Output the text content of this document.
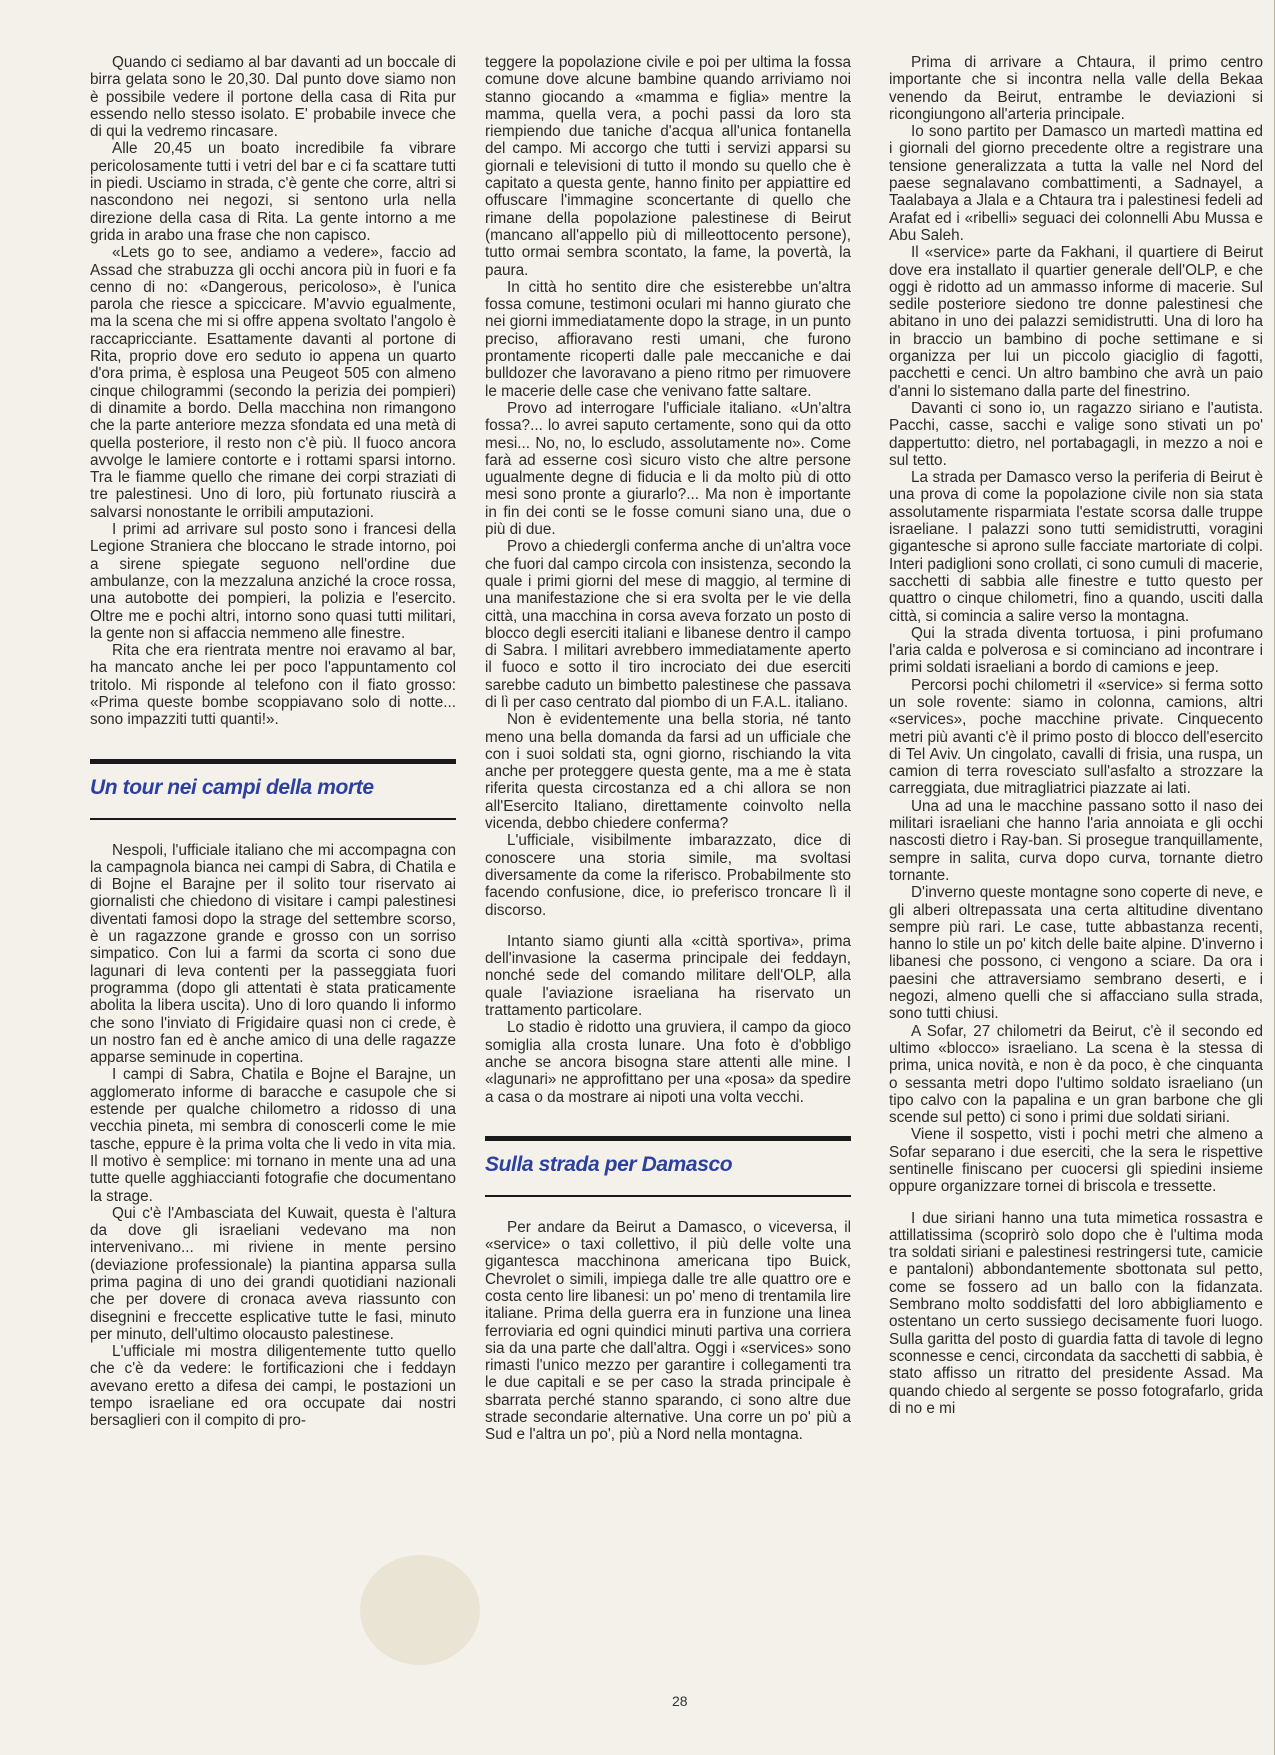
Quando ci sediamo al bar davanti ad un boccale di birra gelata sono le 20,30. Dal punto dove siamo non è possibile vedere il portone della casa di Rita pur essendo nello stesso isolato. E' probabile invece che di qui la vedremo rincasare.

Alle 20,45 un boato incredibile fa vibrare pericolosamente tutti i vetri del bar e ci fa scattare tutti in piedi. Usciamo in strada, c'è gente che corre, altri si nascondono nei negozi, si sentono urla nella direzione della casa di Rita. La gente intorno a me grida in arabo una frase che non capisco.

«Lets go to see, andiamo a vedere», faccio ad Assad che strabuzza gli occhi ancora più in fuori e fa cenno di no: «Dangerous, pericoloso», è l'unica parola che riesce a spiccicare. M'avvio egualmente, ma la scena che mi si offre appena svoltato l'angolo è raccapricciante. Esattamente davanti al portone di Rita, proprio dove ero seduto io appena un quarto d'ora prima, è esplosa una Peugeot 505 con almeno cinque chilogrammi (secondo la perizia dei pompieri) di dinamite a bordo. Della macchina non rimangono che la parte anteriore mezza sfondata ed una metà di quella posteriore, il resto non c'è più. Il fuoco ancora avvolge le lamiere contorte e i rottami sparsi intorno. Tra le fiamme quello che rimane dei corpi straziati di tre palestinesi. Uno di loro, più fortunato riuscirà a salvarsi nonostante le orribili amputazioni.

I primi ad arrivare sul posto sono i francesi della Legione Straniera che bloccano le strade intorno, poi a sirene spiegate seguono nell'ordine due ambulanze, con la mezzaluna anziché la croce rossa, una autobotte dei pompieri, la polizia e l'esercito. Oltre me e pochi altri, intorno sono quasi tutti militari, la gente non si affaccia nemmeno alle finestre.

Rita che era rientrata mentre noi eravamo al bar, ha mancato anche lei per poco l'appuntamento col tritolo. Mi risponde al telefono con il fiato grosso: «Prima queste bombe scoppiavano solo di notte... sono impazziti tutti quanti!».

Un tour nei campi della morte

Nespoli, l'ufficiale italiano che mi accompagna con la campagnola bianca nei campi di Sabra, di Chatila e di Bojne el Barajne per il solito tour riservato ai giornalisti che chiedono di visitare i campi palestinesi diventati famosi dopo la strage del settembre scorso, è un ragazzone grande e grosso con un sorriso simpatico. Con lui a farmi da scorta ci sono due lagunari di leva contenti per la passeggiata fuori programma (dopo gli attentati è stata praticamente abolita la libera uscita). Uno di loro quando li informo che sono l'inviato di Frigidaire quasi non ci crede, è un nostro fan ed è anche amico di una delle ragazze apparse seminude in copertina.

I campi di Sabra, Chatila e Bojne el Barajne, un agglomerato informe di baracche e casupole che si estende per qualche chilometro a ridosso di una vecchia pineta, mi sembra di conoscerli come le mie tasche, eppure è la prima volta che li vedo in vita mia. Il motivo è semplice: mi tornano in mente una ad una tutte quelle agghiaccianti fotografie che documentano la strage.

Qui c'è l'Ambasciata del Kuwait, questa è l'altura da dove gli israeliani vedevano ma non intervenivano... mi riviene in mente persino (deviazione professionale) la piantina apparsa sulla prima pagina di uno dei grandi quotidiani nazionali che per dovere di cronaca aveva riassunto con disegnini e freccette esplicative tutte le fasi, minuto per minuto, dell'ultimo olocausto palestinese.

L'ufficiale mi mostra diligentemente tutto quello che c'è da vedere: le fortificazioni che i feddayn avevano eretto a difesa dei campi, le postazioni un tempo israeliane ed ora occupate dai nostri bersaglieri con il compito di pro-

teggere la popolazione civile e poi per ultima la fossa comune dove alcune bambine quando arriviamo noi stanno giocando a «mamma e figlia» mentre la mamma, quella vera, a pochi passi da loro sta riempiendo due taniche d'acqua all'unica fontanella del campo. Mi accorgo che tutti i servizi apparsi su giornali e televisioni di tutto il mondo su quello che è capitato a questa gente, hanno finito per appiattire ed offuscare l'immagine sconcertante di quello che rimane della popolazione palestinese di Beirut (mancano all'appello più di milleottocento persone), tutto ormai sembra scontato, la fame, la povertà, la paura.

In città ho sentito dire che esisterebbe un'altra fossa comune, testimoni oculari mi hanno giurato che nei giorni immediatamente dopo la strage, in un punto preciso, affioravano resti umani, che furono prontamente ricoperti dalle pale meccaniche e dai bulldozer che lavoravano a pieno ritmo per rimuovere le macerie delle case che venivano fatte saltare.

Provo ad interrogare l'ufficiale italiano. «Un'altra fossa?... lo avrei saputo certamente, sono qui da otto mesi... No, no, lo escludo, assolutamente no». Come farà ad esserne così sicuro visto che altre persone ugualmente degne di fiducia e li da molto più di otto mesi sono pronte a giurarlo?... Ma non è importante in fin dei conti se le fosse comuni siano una, due o più di due.

Provo a chiedergli conferma anche di un'altra voce che fuori dal campo circola con insistenza, secondo la quale i primi giorni del mese di maggio, al termine di una manifestazione che si era svolta per le vie della città, una macchina in corsa aveva forzato un posto di blocco degli eserciti italiani e libanese dentro il campo di Sabra. I militari avrebbero immediatamente aperto il fuoco e sotto il tiro incrociato dei due eserciti sarebbe caduto un bimbetto palestinese che passava di lì per caso centrato dal piombo di un F.A.L. italiano.

Non è evidentemente una bella storia, né tanto meno una bella domanda da farsi ad un ufficiale che con i suoi soldati sta, ogni giorno, rischiando la vita anche per proteggere questa gente, ma a me è stata riferita questa circostanza ed a chi allora se non all'Esercito Italiano, direttamente coinvolto nella vicenda, debbo chiedere conferma?

L'ufficiale, visibilmente imbarazzato, dice di conoscere una storia simile, ma svoltasi diversamente da come la riferisco. Probabilmente sto facendo confusione, dice, io preferisco troncare lì il discorso.

Intanto siamo giunti alla «città sportiva», prima dell'invasione la caserma principale dei feddayn, nonché sede del comando militare dell'OLP, alla quale l'aviazione israeliana ha riservato un trattamento particolare.

Lo stadio è ridotto una gruviera, il campo da gioco somiglia alla crosta lunare. Una foto è d'obbligo anche se ancora bisogna stare attenti alle mine. I «lagunari» ne approfittano per una «posa» da spedire a casa o da mostrare ai nipoti una volta vecchi.

Sulla strada per Damasco

Per andare da Beirut a Damasco, o viceversa, il «service» o taxi collettivo, il più delle volte una gigantesca macchinona americana tipo Buick, Chevrolet o simili, impiega dalle tre alle quattro ore e costa cento lire libanesi: un po' meno di trentamila lire italiane. Prima della guerra era in funzione una linea ferroviaria ed ogni quindici minuti partiva una corriera sia da una parte che dall'altra. Oggi i «services» sono rimasti l'unico mezzo per garantire i collegamenti tra le due capitali e se per caso la strada principale è sbarrata perché stanno sparando, ci sono altre due strade secondarie alternative. Una corre un po' più a Sud e l'altra un po', più a Nord nella montagna.

Prima di arrivare a Chtaura, il primo centro importante che si incontra nella valle della Bekaa venendo da Beirut, entrambe le deviazioni si ricongiungono all'arteria principale.

Io sono partito per Damasco un martedì mattina ed i giornali del giorno precedente oltre a registrare una tensione generalizzata a tutta la valle nel Nord del paese segnalavano combattimenti, a Sadnayel, a Taalabaya a Jlala e a Chtaura tra i palestinesi fedeli ad Arafat ed i «ribelli» seguaci dei colonnelli Abu Mussa e Abu Saleh.

Il «service» parte da Fakhani, il quartiere di Beirut dove era installato il quartier generale dell'OLP, e che oggi è ridotto ad un ammasso informe di macerie. Sul sedile posteriore siedono tre donne palestinesi che abitano in uno dei palazzi semidistrutti. Una di loro ha in braccio un bambino di poche settimane e si organizza per lui un piccolo giaciglio di fagotti, pacchetti e cenci. Un altro bambino che avrà un paio d'anni lo sistemano dalla parte del finestrino.

Davanti ci sono io, un ragazzo siriano e l'autista. Pacchi, casse, sacchi e valige sono stivati un po' dappertutto: dietro, nel portabagagli, in mezzo a noi e sul tetto.

La strada per Damasco verso la periferia di Beirut è una prova di come la popolazione civile non sia stata assolutamente risparmiata l'estate scorsa dalle truppe israeliane. I palazzi sono tutti semidistrutti, voragini gigantesche si aprono sulle facciate martoriate di colpi. Interi padiglioni sono crollati, ci sono cumuli di macerie, sacchetti di sabbia alle finestre e tutto questo per quattro o cinque chilometri, fino a quando, usciti dalla città, si comincia a salire verso la montagna.

Qui la strada diventa tortuosa, i pini profumano l'aria calda e polverosa e si cominciano ad incontrare i primi soldati israeliani a bordo di camions e jeep.

Percorsi pochi chilometri il «service» si ferma sotto un sole rovente: siamo in colonna, camions, altri «services», poche macchine private. Cinquecento metri più avanti c'è il primo posto di blocco dell'esercito di Tel Aviv. Un cingolato, cavalli di frisia, una ruspa, un camion di terra rovesciato sull'asfalto a strozzare la carreggiata, due mitragliatrici piazzate ai lati.

Una ad una le macchine passano sotto il naso dei militari israeliani che hanno l'aria annoiata e gli occhi nascosti dietro i Ray-ban. Si prosegue tranquillamente, sempre in salita, curva dopo curva, tornante dietro tornante.

D'inverno queste montagne sono coperte di neve, e gli alberi oltrepassata una certa altitudine diventano sempre più rari. Le case, tutte abbastanza recenti, hanno lo stile un po' kitch delle baite alpine. D'inverno i libanesi che possono, ci vengono a sciare. Da ora i paesini che attraversiamo sembrano deserti, e i negozi, almeno quelli che si affacciano sulla strada, sono tutti chiusi.

A Sofar, 27 chilometri da Beirut, c'è il secondo ed ultimo «blocco» israeliano. La scena è la stessa di prima, unica novità, e non è da poco, è che cinquanta o sessanta metri dopo l'ultimo soldato israeliano (un tipo calvo con la papalina e un gran barbone che gli scende sul petto) ci sono i primi due soldati siriani.

Viene il sospetto, visti i pochi metri che almeno a Sofar separano i due eserciti, che la sera le rispettive sentinelle finiscano per cuocersi gli spiedini insieme oppure organizzare tornei di briscola e tressette.

I due siriani hanno una tuta mimetica rossastra e attillatissima (scoprirò solo dopo che è l'ultima moda tra soldati siriani e palestinesi restringersi tute, camicie e pantaloni) abbondantemente sbottonata sul petto, come se fossero ad un ballo con la fidanzata. Sembrano molto soddisfatti del loro abbigliamento e ostentano un certo sussiego decisamente fuori luogo. Sulla garitta del posto di guardia fatta di tavole di legno sconnesse e cenci, circondata da sacchetti di sabbia, è stato affisso un ritratto del presidente Assad. Ma quando chiedo al sergente se posso fotografarlo, grida di no e mi

28
